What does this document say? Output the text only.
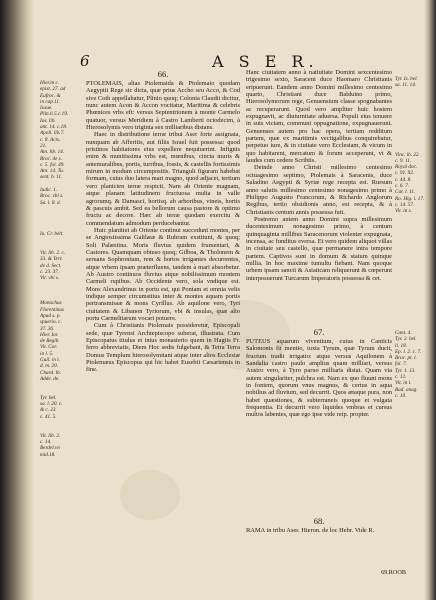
6	A S E R.
Hier.in c.
epist. 27. ad
Eufroc. &
in cap.11.
Iosue.
Plin.li.5.c.19.
Ios. lib.
ant. 14. c.18.
Apoll. lib.7.
c. 8. Acts.
21.
Am. lib. 14.
Broc. de s.
c. 5. fol. 49.
Ant. 14. Tu.
sent. b. 11.

Iudic. 1.
Broc. vbi s.
Sa. l. 8. d.

Ia. Cr. belt.

Vit. lib. 2. c.
33. & Terr.
de d. Sect.
c. 23. 37.
Vit. vbi s.

Monachus
Florentinus
Apud s. p.
spuerio. c.
37. 36.
Hier. Ior.
de Regib.
Vit. Cor.
in l. 5.
Guil. in l.
d. m. 20.
Chard. lb.
Adde. de.

Tyr. bel.
sa. l. 20. c.
& c. 23.
c. 41. 5.

Vit. lib. 2.
c. 14.
Berdel.vn
mid.18.

66.

PTOLEMAIS, alias Ptolemaida & Ptolemaio quodam Aegyptii Rege sic dicta, quæ prius Accho seu Acco, & Cod sive Coth appellabatur, Plinio quoq; Colonia Claudii dicitur, nunc autem Acon & Accon vocitatur, Maritima & celebris Phœnices vrbs eft: versus Septentrionem à monte Carmelo quatuor, versus Meridiem à Castro Lamberti octodecim, à Hierosolymis vero triginta sex milliaribus distans.

Haec in distributione terræ tribui Aser forte assignata, nunquam ab Afferitis, aut filiis Israel fuit possessa: quod pristinos habitatores eius expellere nequiuerint. Infignis enim & munitissima vrbs est, mœnibus, cincta muris & antemuralibus, portis, turribus, fossis, & castellis fortissimis mirum in modum circumpositis. Trianguli figuram habebat formam, cuius duo latera mari magno, quod adjacet, tertium vero planicien terræ respicit. Nam ab Oriente magnam, atque planam latitudinem fructuosa multa in valle agrorumq. & Damasci, hortisq. ab arboribus, vineis, hortis & pascuis ambit. Sed ea bellorum causa pastore & optimo fructu ac decore. Hæc ab terræ quodam exercitu & commendatum admodum perducebantur.

Huic planitiei ab Oriente continui succedunt montes, per se Angiostissima Galilææ & Rubram exstitunt, & quoq; Soli Palæstina. Moris fluvius quidem frumentari, & Castores. Quamquam obtuso quoq; Gilboa, & Tholonem & seruans Sophronium, rem & hortos irrigantes decurrentes, atque vrbem ipsam præterfluens, tandem à mari absorbetur. Ab Austro continuos fluvius atque nobilissimum montem Carmeli rupibus. Ab Occidente vero, sola vndique est. Mons Alexandrinus in portu est, qui Pontam et omnia velis indique semper circumstitus inter & montes aquam portis pertransmissæ & mons Cyrillus. Ab aquilone vero, Tyri ciuitatem & Libanon Tyriorum, vbi & insulas, quæ alio portu Carmelitarum vocari potuere.

Cum à Christianis Ptolemais possideretur, Episcopali sede, quæ Tyrensi Archiepiscopo suberat, illustrata. Cum Episcopatus titulus et intus monasterio quem in Hagiis Fr. ferro abbreviatis, Diem Hoc sedis fulgebant, & Tetra Terra Domus Templum hierosolymitani atque inter alios Ecclesiæ Ptolemæus Episcopus qui hic habet Eusebii Cæsariensis in fine.

Hanc ciuitatem anno à natiuitate Domini sexcentesimo trigesimo sexto, Saraceni duce Haomaro Christianis eripuerunt. Eandem anno Domini millesimo centesimo quarto, Christiani duce Balduino primo, Hierosolymorum rege, Genuensium classe spognabantes ac recuperarunt. Quod vero ampliter huic hostem expugnavit, ac diuturnitate aduersa. Populi eius tenuere in suis victam, communi oppugnatione, expugnauerunt. Genuenses autem pro hac opera, tertiam redditum partem, quæ ex maritimis vectigalibus conquirebatur, perpetuo iure, & in ciuitate vero Ecclesiam, & vicum in quo habitarent, mercatum & forum acceperunt, vt & laudes cum cedere Scribtis.

Deinde anno Christi millesimo centesimo octuagesimo septimo, Ptolemais à Saracenis, duce Saladino Aegypti & Syriæ rege recepta est. Rursum anno salutis millesimo centesimo nonagesimo primo à Philippo Augusto Francorum, & Richardo Anglorum Regibus, tertio obsidionis anno, est recepta, & à Christianis centum annis possessa fuit.

Postremo autem anno Domini supra millesimum ducentesimum nonagesimo primo, à centum quinquaginta millibus Saracenorum violenter expugnata, incensa, ac funditus eversa. Et vero quidem aliquot villas in ciuitate seu castello, quæ permanere intra tempore partem. Captivos sunt in domum & statum quinque millia. In hoc maxime tumultu fiebant. Nam quoque urbem ipsam sancti & Asiaticam reliquerunt & cœperunt interposuerunt Turcarum Imperatoris possessa & cet.

67.

PUTEUS aquarum viventium, cuius in Canticis Salomonis fit mentio, iuxta Tyrum, quæ Tyrum ducit, fructum tradit irrigatio: atque versus Aquilonem à Sandalia castro paulo amplius quam milliari, versus Austro vero, à Tyro paruo milliaris distat. Quam via autem singulariter, pulchra est. Nam ex quo fluunt mons in fontem, quorum vnus magnus, & certus in aqua nobilius ad fluvium, sed decurrit. Quos ætaque pura, non habet quæstiones, & subterraneis quoque et vulgata frequentia. Et decurrit vero liquides vmbras et cursus multos labentes, quæ ego ipse vide reip. propter.

68.

RAMA in tribu Aser. Hieron. de loc Hebr. Vide R.

Tyr. Is. bel.
sa. 11. 14.

Vinc. lb. 22.
c. 9. 11.
Royal doc.
c. 91. 92.
c. 44. 8.
c. 6. 7.
Car. l. 11.
Ro. Hig. l. 17.
c. 14. 57.
Vit. in s.
Cant. 4.
Tyr. 2. bel.
li. 18.
Ep. l. 2. c. 7.
Broc. pt. l.
fol. 7.
Tyr. 1. 13.
c. 12.
Vit. in l.
Bad. anag.
c. 10.
69.ROOB
